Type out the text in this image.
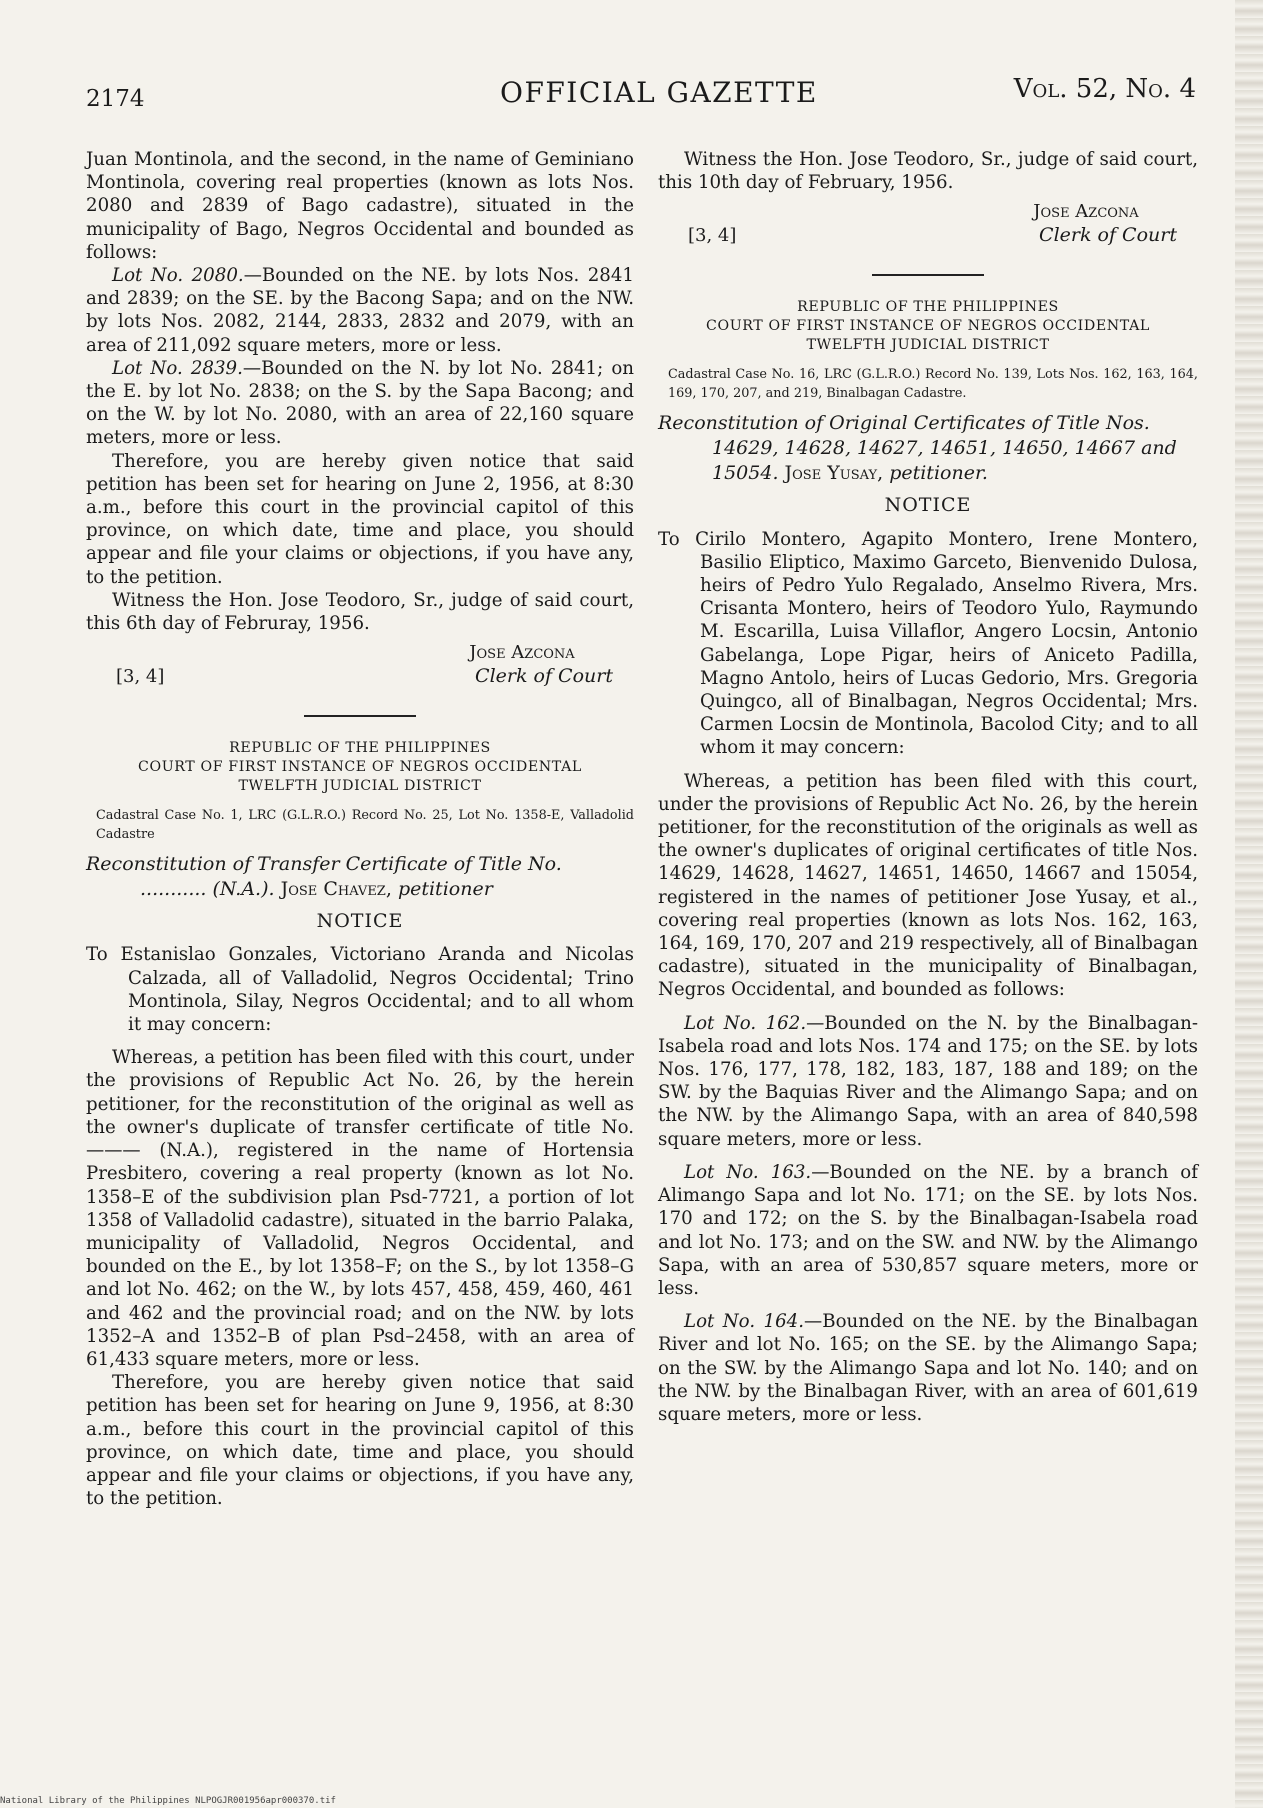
2174	OFFICIAL GAZETTE	Vol. 52, No. 4

Juan Montinola, and the second, in the name of Geminiano Montinola, covering real properties (known as lots Nos. 2080 and 2839 of Bago cadastre), situated in the municipality of Bago, Negros Occidental and bounded as follows:

Lot No. 2080.—Bounded on the NE. by lots Nos. 2841 and 2839; on the SE. by the Bacong Sapa; and on the NW. by lots Nos. 2082, 2144, 2833, 2832 and 2079, with an area of 211,092 square meters, more or less.

Lot No. 2839.—Bounded on the N. by lot No. 2841; on the E. by lot No. 2838; on the S. by the Sapa Bacong; and on the W. by lot No. 2080, with an area of 22,160 square meters, more or less.

Therefore, you are hereby given notice that said petition has been set for hearing on June 2, 1956, at 8:30 a.m., before this court in the provincial capitol of this province, on which date, time and place, you should appear and file your claims or objections, if you have any, to the petition.

Witness the Hon. Jose Teodoro, Sr., judge of said court, this 6th day of Februray, 1956.

Jose Azcona
Clerk of Court
[3, 4]
REPUBLIC OF THE PHILIPPINES
COURT OF FIRST INSTANCE OF NEGROS OCCIDENTAL
TWELFTH JUDICIAL DISTRICT
Cadastral Case No. 1, LRC (G.L.R.O.) Record No. 25, Lot No. 1358-E, Valladolid Cadastre
Reconstitution of Transfer Certificate of Title No. ........... (N.A.). Jose Chavez, petitioner
NOTICE

To Estanislao Gonzales, Victoriano Aranda and Nicolas Calzada, all of Valladolid, Negros Occidental; Trino Montinola, Silay, Negros Occidental; and to all whom it may concern:

Whereas, a petition has been filed with this court, under the provisions of Republic Act No. 26, by the herein petitioner, for the reconstitution of the original as well as the owner's duplicate of transfer certificate of title No. ——— (N.A.), registered in the name of Hortensia Presbitero, covering a real property (known as lot No. 1358–E of the subdivision plan Psd-7721, a portion of lot 1358 of Valladolid cadastre), situated in the barrio Palaka, municipality of Valladolid, Negros Occidental, and bounded on the E., by lot 1358–F; on the S., by lot 1358–G and lot No. 462; on the W., by lots 457, 458, 459, 460, 461 and 462 and the provincial road; and on the NW. by lots 1352–A and 1352–B of plan Psd–2458, with an area of 61,433 square meters, more or less.

Therefore, you are hereby given notice that said petition has been set for hearing on June 9, 1956, at 8:30 a.m., before this court in the provincial capitol of this province, on which date, time and place, you should appear and file your claims or objections, if you have any, to the petition.

Witness the Hon. Jose Teodoro, Sr., judge of said court, this 10th day of February, 1956.

Jose Azcona
Clerk of Court
[3, 4]
REPUBLIC OF THE PHILIPPINES
COURT OF FIRST INSTANCE OF NEGROS OCCIDENTAL
TWELFTH JUDICIAL DISTRICT
Cadastral Case No. 16, LRC (G.L.R.O.) Record No. 139, Lots Nos. 162, 163, 164, 169, 170, 207, and 219, Binalbagan Cadastre.
Reconstitution of Original Certificates of Title Nos. 14629, 14628, 14627, 14651, 14650, 14667 and 15054. Jose Yusay, petitioner.
NOTICE

To Cirilo Montero, Agapito Montero, Irene Montero, Basilio Eliptico, Maximo Garceto, Bienvenido Dulosa, heirs of Pedro Yulo Regalado, Anselmo Rivera, Mrs. Crisanta Montero, heirs of Teodoro Yulo, Raymundo M. Escarilla, Luisa Villaflor, Angero Locsin, Antonio Gabelanga, Lope Pigar, heirs of Aniceto Padilla, Magno Antolo, heirs of Lucas Gedorio, Mrs. Gregoria Quingco, all of Binalbagan, Negros Occidental; Mrs. Carmen Locsin de Montinola, Bacolod City; and to all whom it may concern:

Whereas, a petition has been filed with this court, under the provisions of Republic Act No. 26, by the herein petitioner, for the reconstitution of the originals as well as the owner's duplicates of original certificates of title Nos. 14629, 14628, 14627, 14651, 14650, 14667 and 15054, registered in the names of petitioner Jose Yusay, et al., covering real properties (known as lots Nos. 162, 163, 164, 169, 170, 207 and 219 respectively, all of Binalbagan cadastre), situated in the municipality of Binalbagan, Negros Occidental, and bounded as follows:

Lot No. 162.—Bounded on the N. by the Binalbagan-Isabela road and lots Nos. 174 and 175; on the SE. by lots Nos. 176, 177, 178, 182, 183, 187, 188 and 189; on the SW. by the Baquias River and the Alimango Sapa; and on the NW. by the Alimango Sapa, with an area of 840,598 square meters, more or less.

Lot No. 163.—Bounded on the NE. by a branch of Alimango Sapa and lot No. 171; on the SE. by lots Nos. 170 and 172; on the S. by the Binalbagan-Isabela road and lot No. 173; and on the SW. and NW. by the Alimango Sapa, with an area of 530,857 square meters, more or less.

Lot No. 164.—Bounded on the NE. by the Binalbagan River and lot No. 165; on the SE. by the Alimango Sapa; on the SW. by the Alimango Sapa and lot No. 140; and on the NW. by the Binalbagan River, with an area of 601,619 square meters, more or less.

National Library of the Philippines NLPOGJR001956apr000370.tif
